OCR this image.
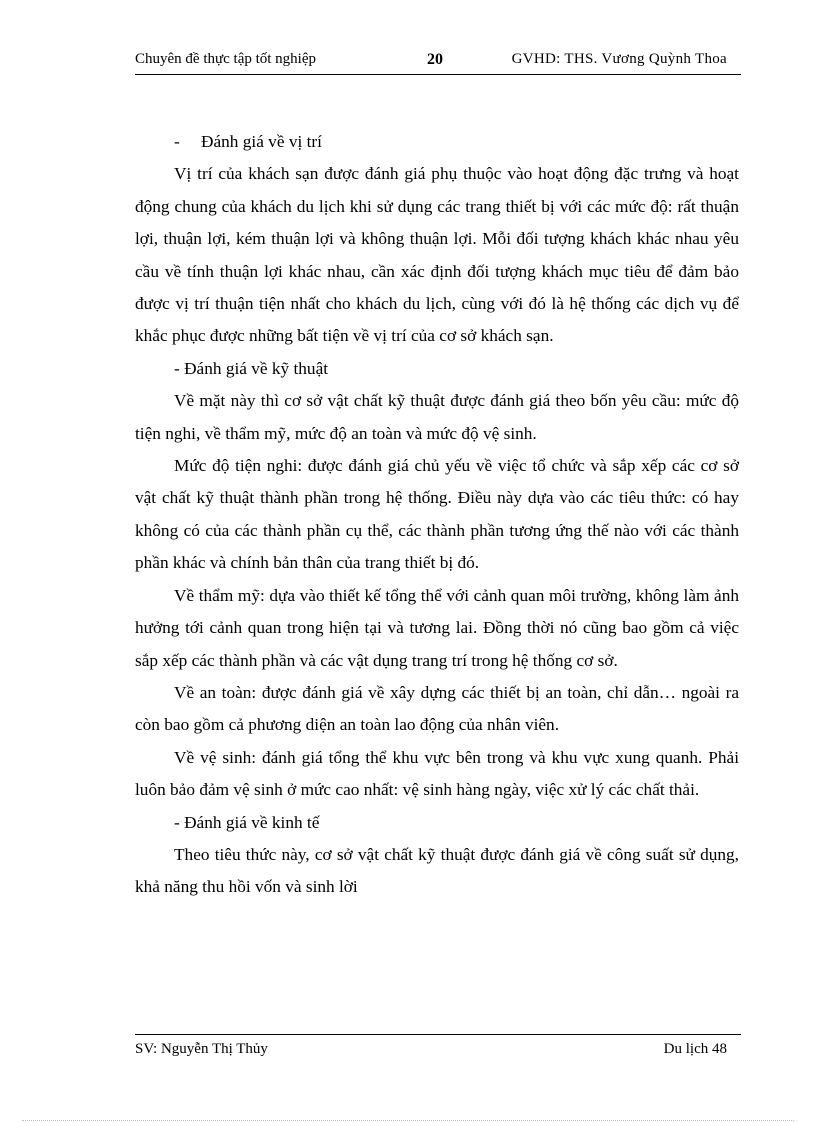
Chuyên đề thực tập tốt nghiệp	20	GVHD: THS. Vương Quỳnh Thoa

- Đánh giá về vị trí

Vị trí của khách sạn được đánh giá phụ thuộc vào hoạt động đặc trưng và hoạt động chung của khách du lịch khi sử dụng các trang thiết bị với các mức độ: rất thuận lợi, thuận lợi, kém thuận lợi và không thuận lợi. Mỗi đối tượng khách khác nhau yêu cầu về tính thuận lợi khác nhau, cần xác định đối tượng khách mục tiêu để đảm bảo được vị trí thuận tiện nhất cho khách du lịch, cùng với đó là hệ thống các dịch vụ để khắc phục được những bất tiện về vị trí của cơ sở khách sạn.

- Đánh giá về kỹ thuật

Về mặt này thì cơ sở vật chất kỹ thuật được đánh giá theo bốn yêu cầu: mức độ tiện nghi, về thẩm mỹ, mức độ an toàn và mức độ vệ sinh.

Mức độ tiện nghi: được đánh giá chủ yếu về việc tổ chức và sắp xếp các cơ sở vật chất kỹ thuật thành phần trong hệ thống. Điều này dựa vào các tiêu thức: có hay không có của các thành phần cụ thể, các thành phần tương ứng thế nào với các thành phần khác và chính bản thân của trang thiết bị đó.

Về thẩm mỹ: dựa vào thiết kế tổng thể với cảnh quan môi trường, không làm ảnh hưởng tới cảnh quan trong hiện tại và tương lai. Đồng thời nó cũng bao gồm cả việc sắp xếp các thành phần và các vật dụng trang trí trong hệ thống cơ sở.

Về an toàn: được đánh giá về xây dựng các thiết bị an toàn, chỉ dẫn… ngoài ra còn bao gồm cả phương diện an toàn lao động của nhân viên.

Về vệ sinh: đánh giá tổng thể khu vực bên trong và khu vực xung quanh. Phải luôn bảo đảm vệ sinh ở mức cao nhất: vệ sinh hàng ngày, việc xử lý các chất thải.

- Đánh giá về kinh tế

Theo tiêu thức này, cơ sở vật chất kỹ thuật được đánh giá về công suất sử dụng, khả năng thu hồi vốn và sinh lời

SV: Nguyễn Thị Thủy	Du lịch 48
